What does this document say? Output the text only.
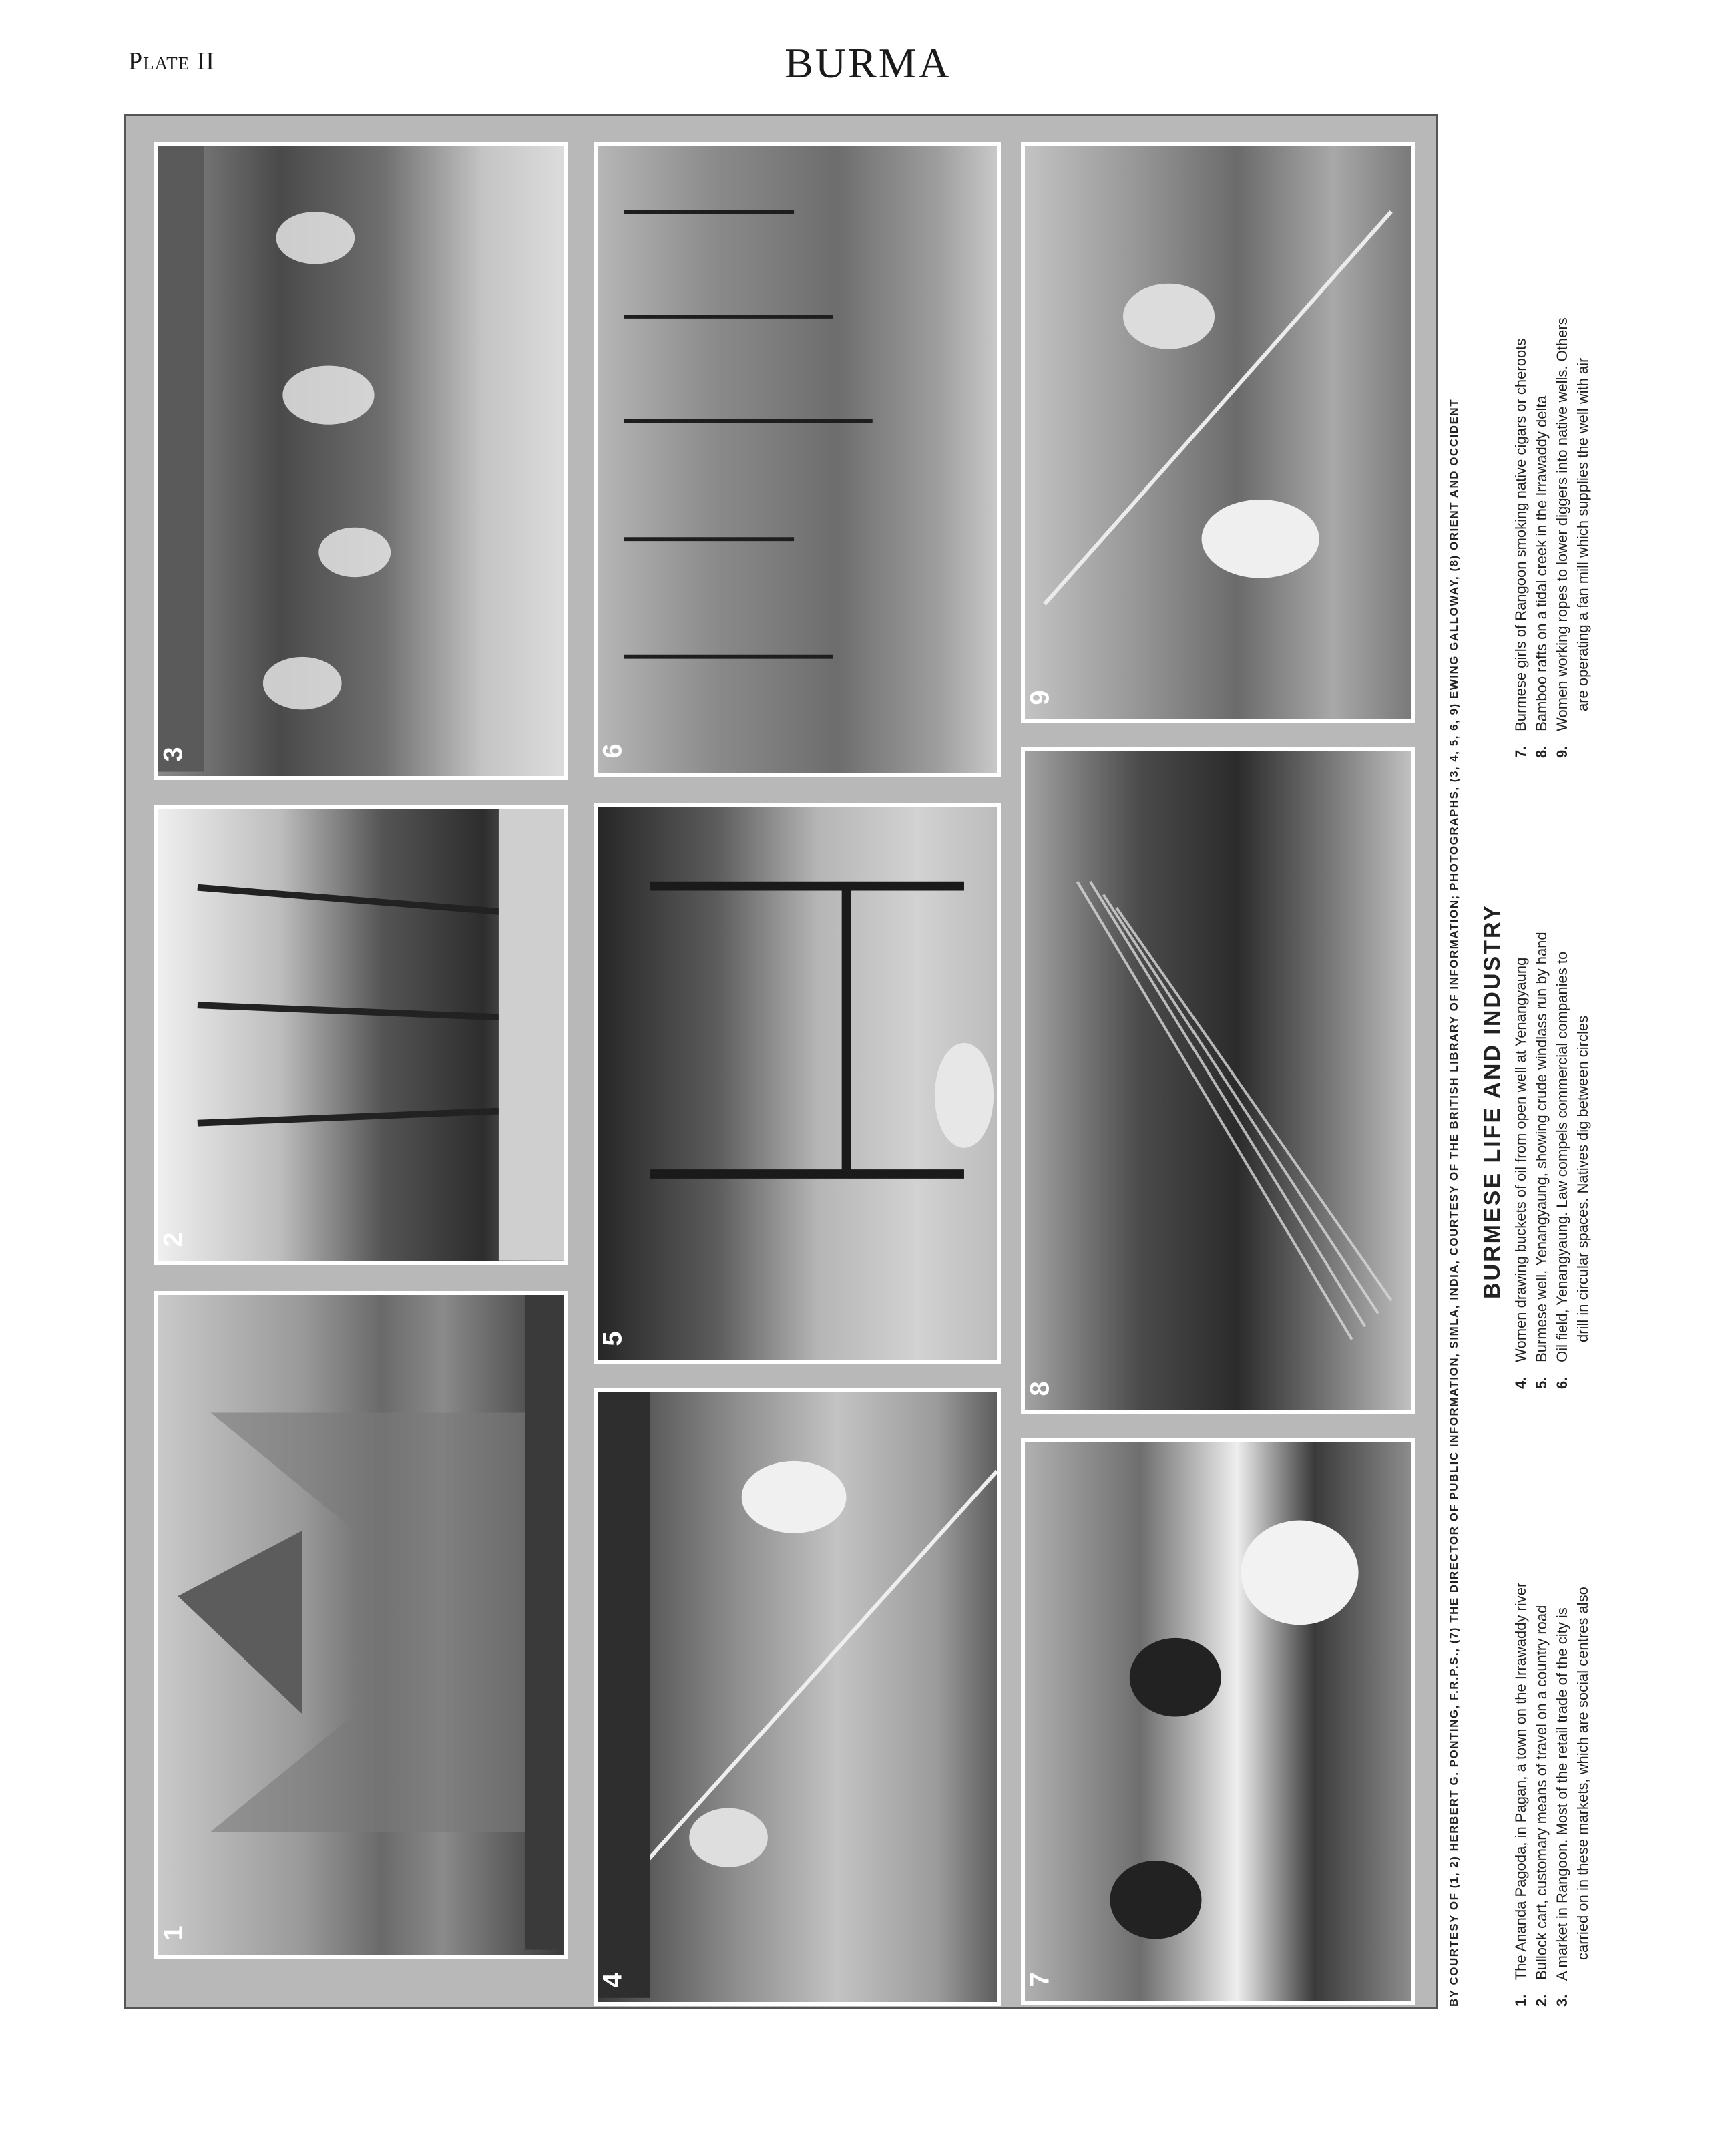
Plate II	BURMA
1
2
3
4
5
6
7
8
9	BY COURTESY OF (1, 2) HERBERT G. PONTING, F.R.P.S., (7) THE DIRECTOR OF PUBLIC INFORMATION, SIMLA, INDIA, COURTESY OF THE BRITISH LIBRARY OF INFORMATION; PHOTOGRAPHS, (3, 4, 5, 6, 9) EWING GALLOWAY, (8) ORIENT AND OCCIDENT BURMESE LIFE AND INDUSTRY
1. The Ananda Pagoda, in Pagan, a town on the Irrawaddy river
2. Bullock cart, customary means of travel on a country road
3. A market in Rangoon. Most of the retail trade of the city is carried on in these markets, which are social centres also
4. Women drawing buckets of oil from open well at Yenangyaung
5. Burmese well, Yenangyaung, showing crude windlass run by hand
6. Oil field, Yenangyaung. Law compels commercial companies to drill in circular spaces. Natives dig between circles
7. Burmese girls of Rangoon smoking native cigars or cheroots
8. Bamboo rafts on a tidal creek in the Irrawaddy delta
9. Women working ropes to lower diggers into native wells. Others are operating a fan mill which supplies the well with air
